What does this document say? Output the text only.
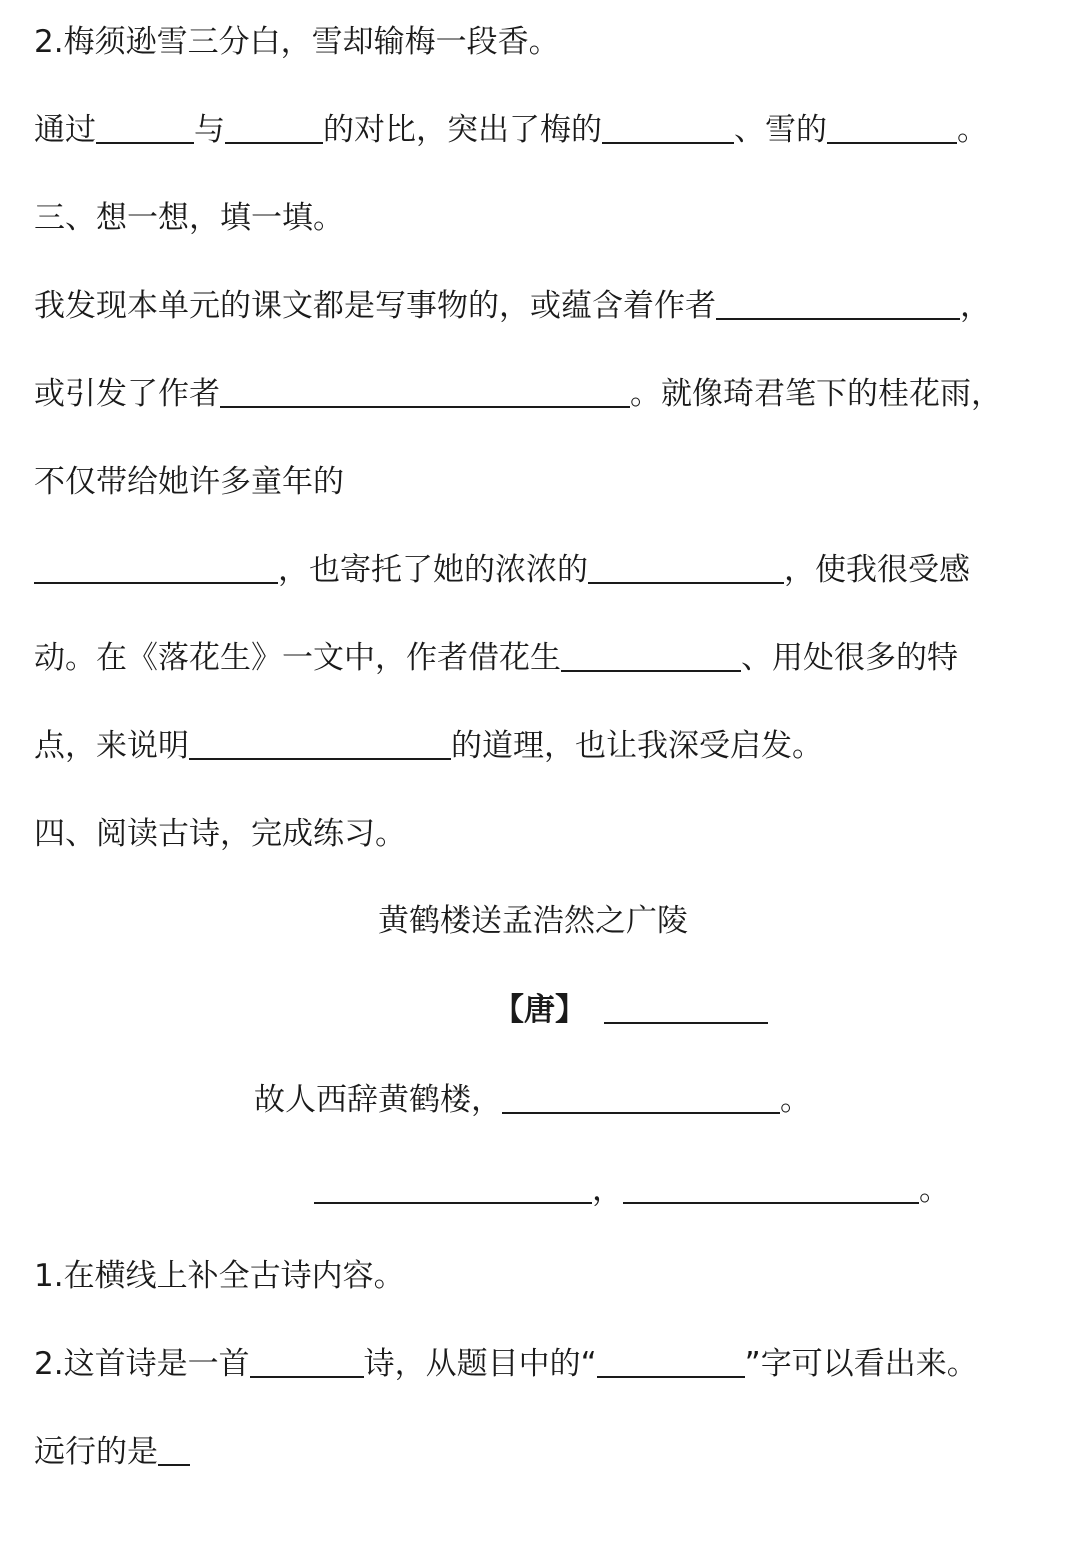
2.梅须逊雪三分白，雪却输梅一段香。
通过	与	的对比，突出了梅的	、雪的	。
三、想一想，填一填。
我发现本单元的课文都是写事物的，或蕴含着作者	，
或引发了作者	。就像琦君笔下的桂花雨，
不仅带给她许多童年的
，也寄托了她的浓浓的	，使我很受感
动。在《落花生》一文中，作者借花生	、用处很多的特
点，来说明	的道理，也让我深受启发。
四、阅读古诗，完成练习。
黄鹤楼送孟浩然之广陵
【唐】
故人西辞黄鹤楼，	。
，	。
1.在横线上补全古诗内容。
2.这首诗是一首	诗，从题目中的“	”字可以看出来。
远行的是
